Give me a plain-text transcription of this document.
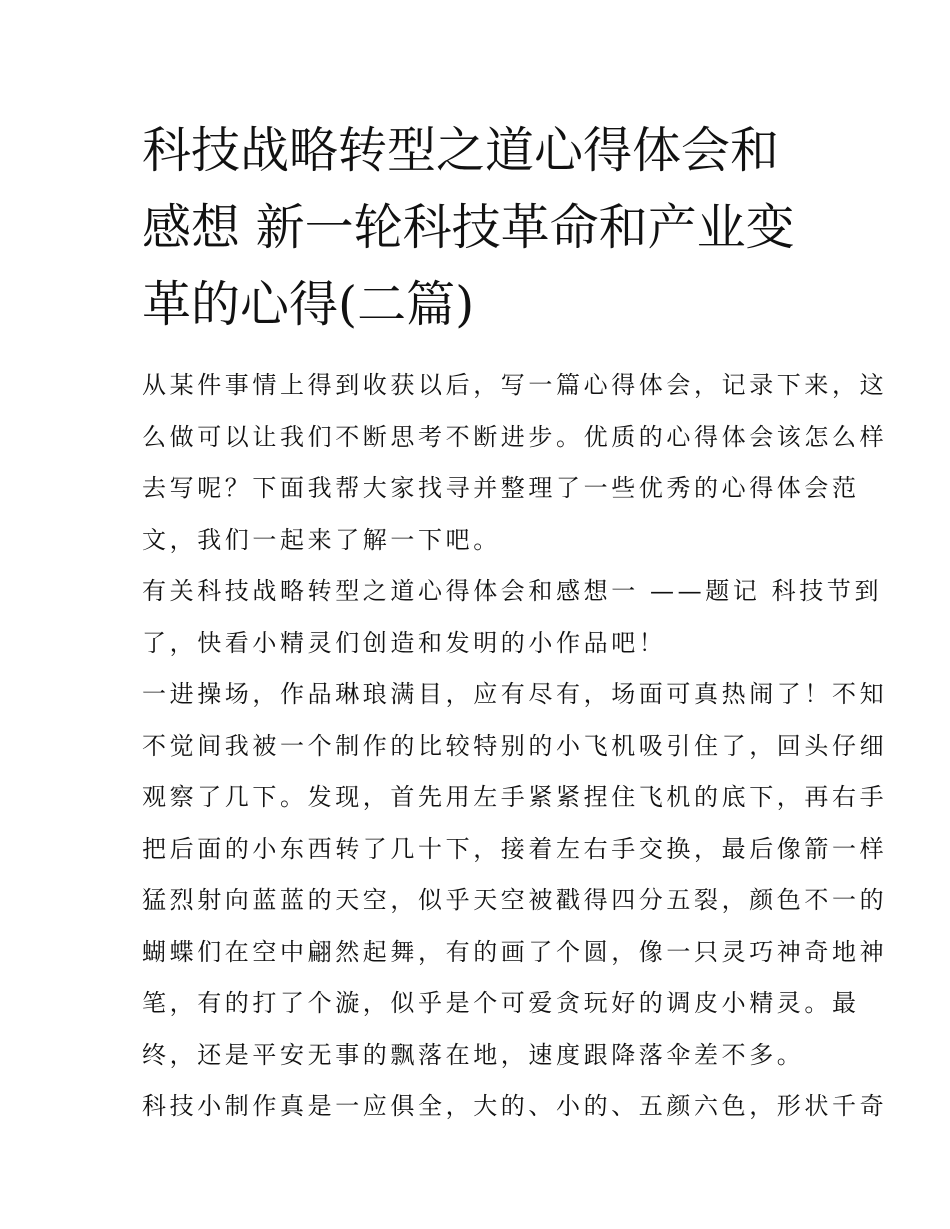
科技战略转型之道心得体会和
感想 新一轮科技革命和产业变
革的心得(二篇)
从某件事情上得到收获以后，写一篇心得体会，记录下来，这
么做可以让我们不断思考不断进步。优质的心得体会该怎么样
去写呢？下面我帮大家找寻并整理了一些优秀的心得体会范
文，我们一起来了解一下吧。
有关科技战略转型之道心得体会和感想一 ——题记 科技节到
了，快看小精灵们创造和发明的小作品吧！
一进操场，作品琳琅满目，应有尽有，场面可真热闹了！不知
不觉间我被一个制作的比较特别的小飞机吸引住了，回头仔细
观察了几下。发现，首先用左手紧紧捏住飞机的底下，再右手
把后面的小东西转了几十下，接着左右手交换，最后像箭一样
猛烈射向蓝蓝的天空，似乎天空被戳得四分五裂，颜色不一的
蝴蝶们在空中翩然起舞，有的画了个圆，像一只灵巧神奇地神
笔，有的打了个漩，似乎是个可爱贪玩好的调皮小精灵。最
终，还是平安无事的飘落在地，速度跟降落伞差不多。
科技小制作真是一应俱全，大的、小的、五颜六色，形状千奇
